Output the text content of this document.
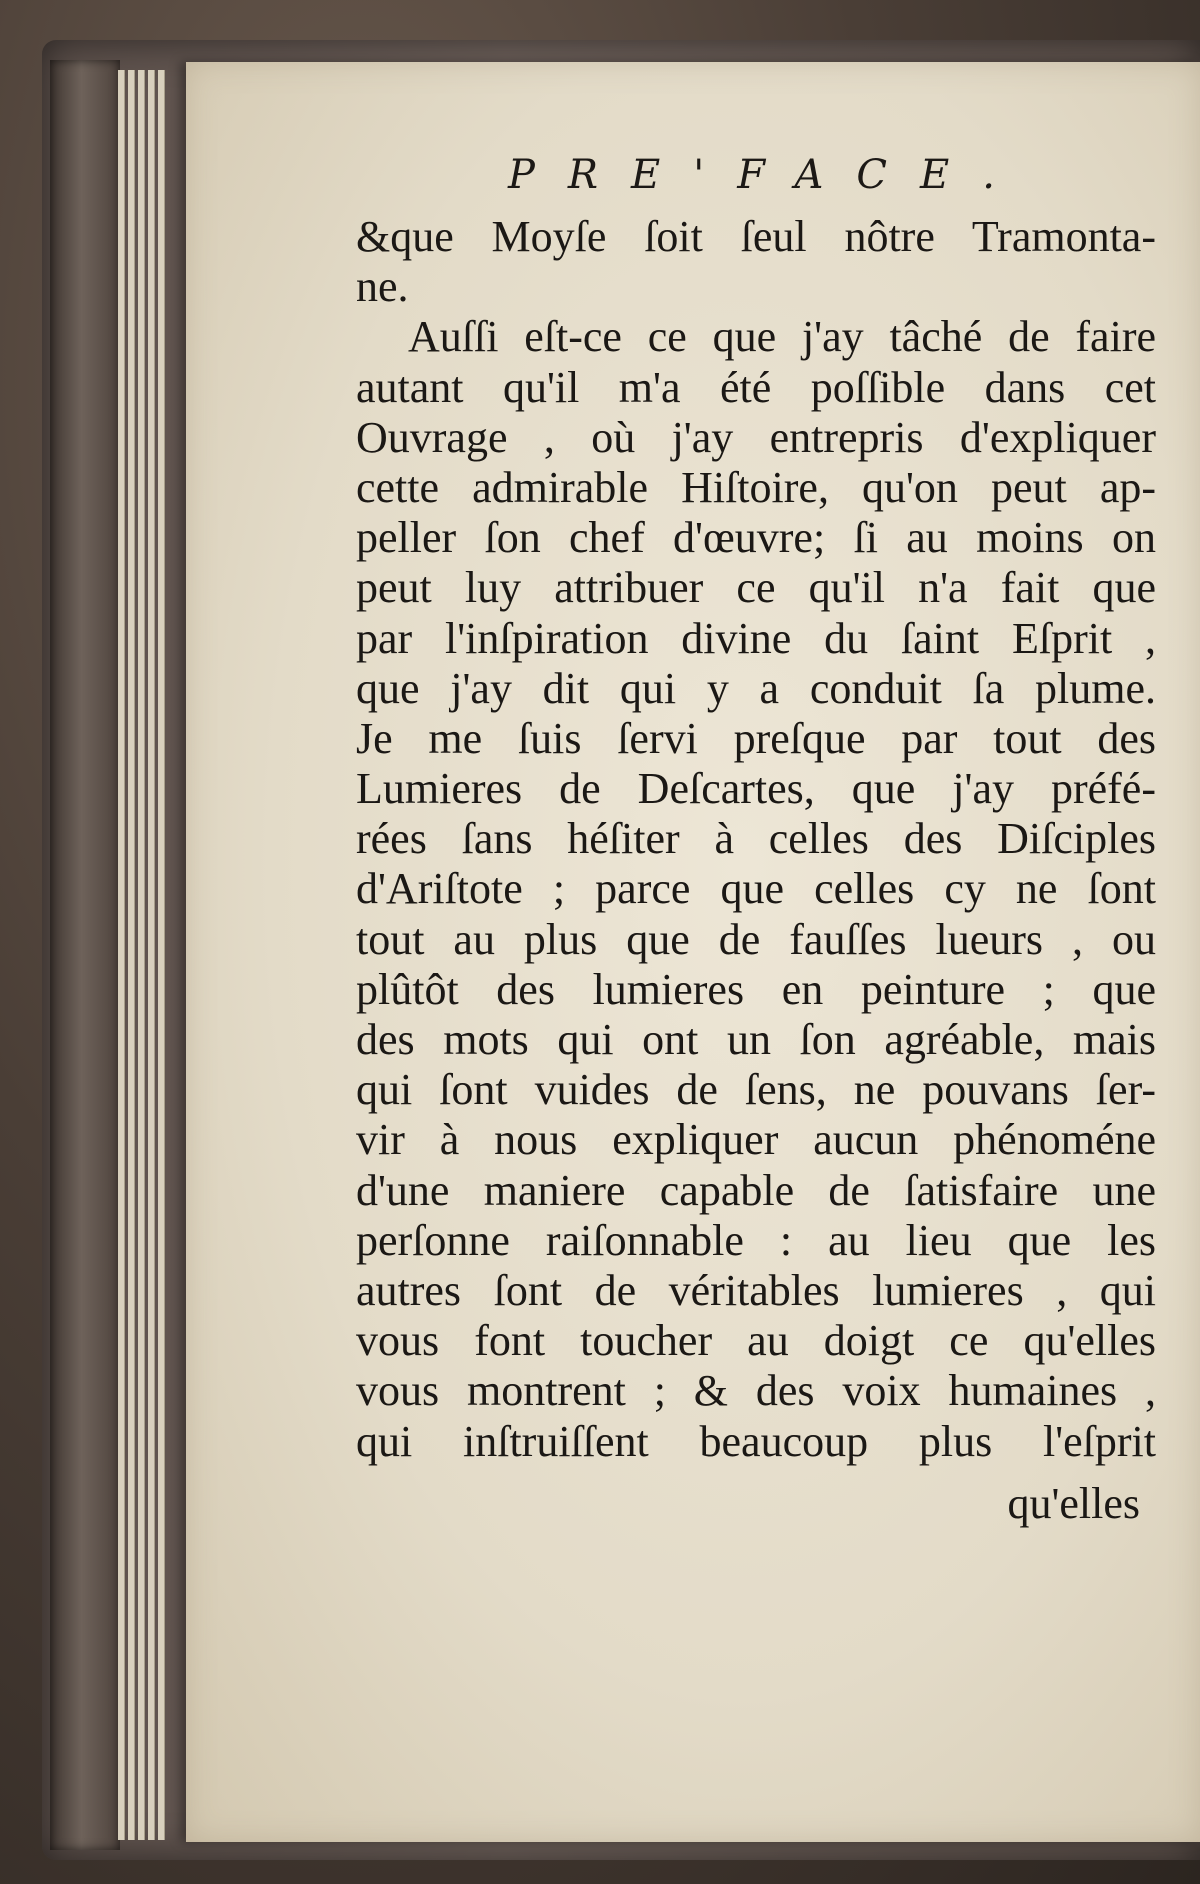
PRE'FACE.
&que Moyſe ſoit ſeul nôtre Tramonta-
ne.
Auſſi eſt-ce ce que j'ay tâché de faire
autant qu'il m'a été poſſible dans cet
Ouvrage , où j'ay entrepris d'expliquer
cette admirable Hiſtoire, qu'on peut ap-
peller ſon chef d'œuvre; ſi au moins on
peut luy attribuer ce qu'il n'a fait que
par l'inſpiration divine du ſaint Eſprit ,
que j'ay dit qui y a conduit ſa plume.
Je me ſuis ſervi preſque par tout des
Lumieres de Deſcartes, que j'ay préfé-
rées ſans héſiter à celles des Diſciples
d'Ariſtote ; parce que celles cy ne ſont
tout au plus que de fauſſes lueurs , ou
plûtôt des lumieres en peinture ; que
des mots qui ont un ſon agréable, mais
qui ſont vuides de ſens, ne pouvans ſer-
vir à nous expliquer aucun phénoméne
d'une maniere capable de ſatisfaire une
perſonne raiſonnable : au lieu que les
autres ſont de véritables lumieres , qui
vous font toucher au doigt ce qu'elles
vous montrent ; & des voix humaines ,
qui inſtruiſſent beaucoup plus l'eſprit
qu'elles
